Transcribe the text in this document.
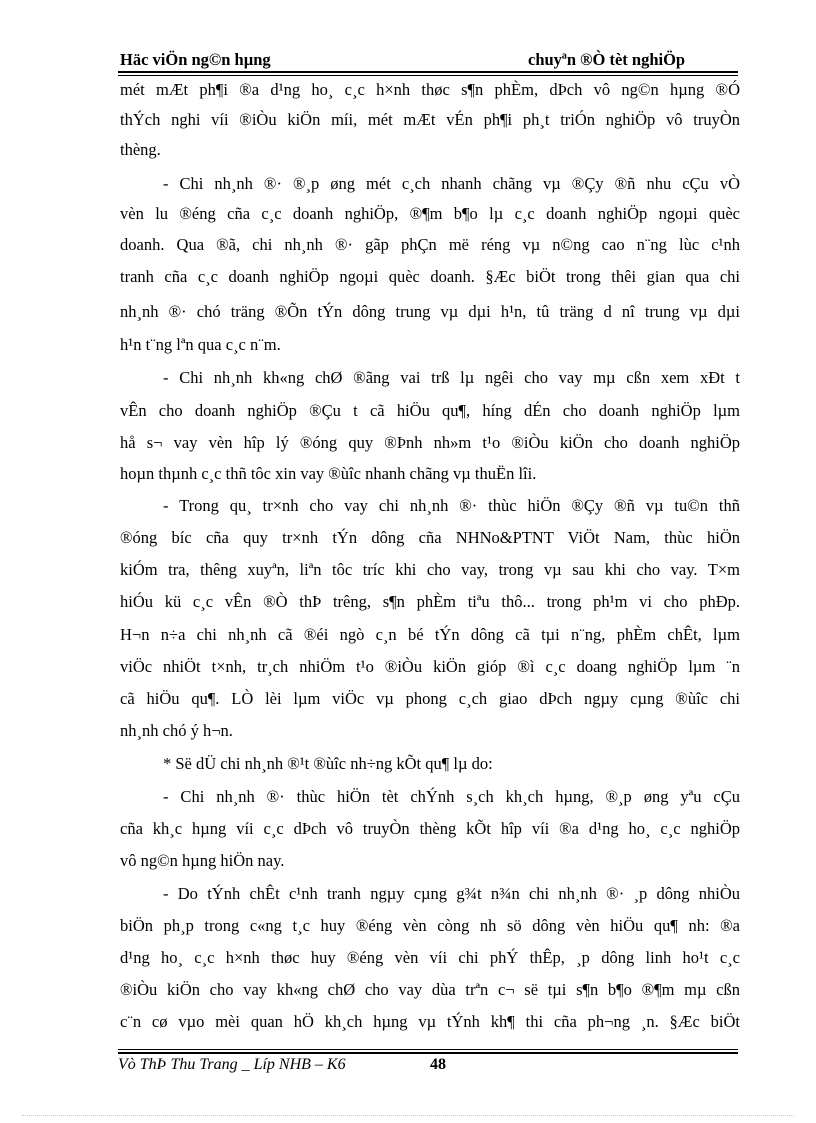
Häc viÖn ng©n hµng	chuyªn ®Ò tèt nghiÖp
mét mÆt ph¶i ®a d¹ng ho¸ c¸c h×nh thøc s¶n phÈm, dÞch vô ng©n hµng ®Ó
thÝch nghi víi ®iÒu kiÖn míi, mét mÆt vÉn ph¶i ph¸t triÓn nghiÖp vô truyÒn
thèng.
- Chi nh¸nh ®· ®¸p øng mét c¸ch nhanh chãng vµ ®Çy ®ñ nhu cÇu vÒ
vèn lu ®éng cña c¸c doanh nghiÖp, ®¶m b¶o lµ c¸c doanh nghiÖp ngoµi quèc
doanh. Qua ®ã, chi nh¸nh ®· gãp phÇn më réng vµ n©ng cao n¨ng lùc c¹nh
tranh cña c¸c doanh nghiÖp ngoµi quèc doanh. §Æc biÖt trong thêi gian qua chi
nh¸nh ®· chó träng ®Õn tÝn dông trung vµ dµi h¹n, tû träng d nî trung vµ dµi
h¹n t¨ng lªn qua c¸c n¨m.
- Chi nh¸nh kh«ng chØ ®ãng vai trß lµ ngêi cho vay mµ cßn xem xÐt t
vÊn cho doanh nghiÖp ®Çu t cã hiÖu qu¶, híng dÉn cho doanh nghiÖp lµm
hå s¬ vay vèn hîp lý ®óng quy ®Þnh nh»m t¹o ®iÒu kiÖn cho doanh nghiÖp
hoµn thµnh c¸c thñ tôc xin vay ®ùîc nhanh chãng vµ thuËn lîi.
- Trong qu¸ tr×nh cho vay chi nh¸nh ®· thùc hiÖn ®Çy ®ñ vµ tu©n thñ
®óng bíc cña quy tr×nh tÝn dông cña NHNo&PTNT ViÖt Nam, thùc hiÖn
kiÓm tra, thêng xuyªn, liªn tôc tríc khi cho vay, trong vµ sau khi cho vay. T×m
hiÓu kü c¸c vÊn ®Ò thÞ trêng, s¶n phÈm tiªu thô... trong ph¹m vi cho phÐp.
H¬n n÷a chi nh¸nh cã ®éi ngò c¸n bé tÝn dông cã tµi n¨ng, phÈm chÊt, lµm
viÖc nhiÖt t×nh, tr¸ch nhiÖm t¹o ®iÒu kiÖn gióp ®ì c¸c doang nghiÖp lµm ¨n
cã hiÖu qu¶. LÒ lèi lµm viÖc vµ phong c¸ch giao dÞch ngµy cµng ®ùîc chi
nh¸nh chó ý h¬n.
* Së dÜ chi nh¸nh ®¹t ®ùîc nh÷ng kÕt qu¶ lµ do:
- Chi nh¸nh ®· thùc hiÖn tèt chÝnh s¸ch kh¸ch hµng, ®¸p øng yªu cÇu
cña kh¸c hµng víi c¸c dÞch vô truyÒn thèng kÕt hîp víi ®a d¹ng ho¸ c¸c nghiÖp
vô ng©n hµng hiÖn nay.
- Do tÝnh chÊt c¹nh tranh ngµy cµng g¾t n¾n chi nh¸nh ®· ¸p dông nhiÒu
biÖn ph¸p trong c«ng t¸c huy ®éng vèn còng nh sö dông vèn hiÖu qu¶ nh: ®a
d¹ng ho¸ c¸c h×nh thøc huy ®éng vèn víi chi phÝ thÊp, ¸p dông linh ho¹t c¸c
®iÒu kiÖn cho vay kh«ng chØ cho vay dùa trªn c¬ së tµi s¶n b¶o ®¶m mµ cßn
c¨n cø vµo mèi quan hÖ kh¸ch hµng vµ tÝnh kh¶ thi cña ph¬ng ¸n. §Æc biÖt
Vò ThÞ Thu Trang _ Líp NHB – K6	48
